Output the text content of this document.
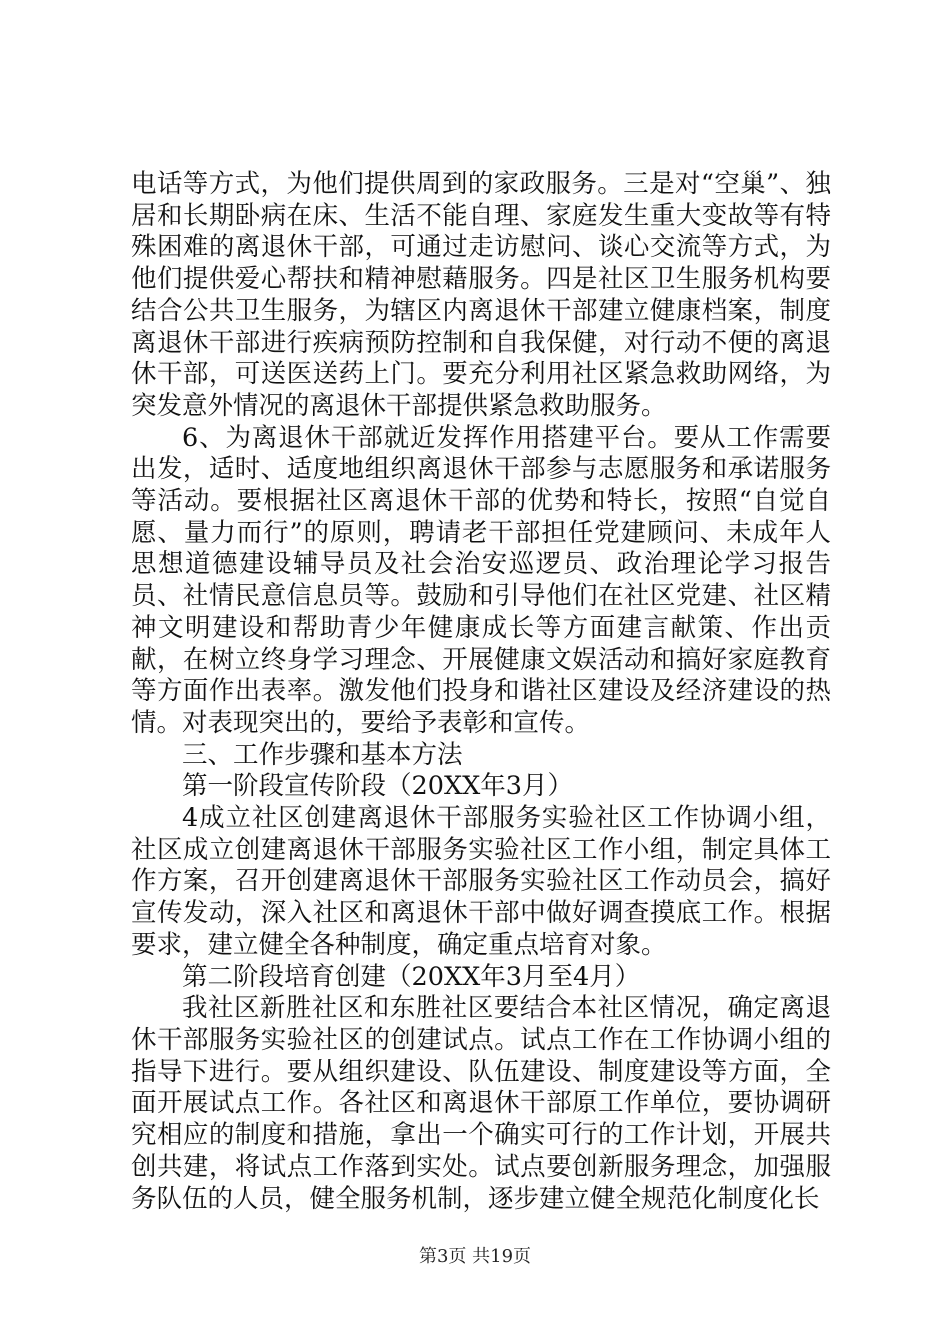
电话等方式，为他们提供周到的家政服务。三是对“空巢”、独居和长期卧病在床、生活不能自理、家庭发生重大变故等有特殊困难的离退休干部，可通过走访慰问、谈心交流等方式，为他们提供爱心帮扶和精神慰藉服务。四是社区卫生服务机构要结合公共卫生服务，为辖区内离退休干部建立健康档案，制度离退休干部进行疾病预防控制和自我保健，对行动不便的离退休干部，可送医送药上门。要充分利用社区紧急救助网络，为突发意外情况的离退休干部提供紧急救助服务。

6、为离退休干部就近发挥作用搭建平台。要从工作需要出发，适时、适度地组织离退休干部参与志愿服务和承诺服务等活动。要根据社区离退休干部的优势和特长，按照“自觉自愿、量力而行”的原则，聘请老干部担任党建顾问、未成年人思想道德建设辅导员及社会治安巡逻员、政治理论学习报告员、社情民意信息员等。鼓励和引导他们在社区党建、社区精神文明建设和帮助青少年健康成长等方面建言献策、作出贡献，在树立终身学习理念、开展健康文娱活动和搞好家庭教育等方面作出表率。激发他们投身和谐社区建设及经济建设的热情。对表现突出的，要给予表彰和宣传。

三、工作步骤和基本方法

第一阶段宣传阶段（20XX年3月）

4成立社区创建离退休干部服务实验社区工作协调小组，社区成立创建离退休干部服务实验社区工作小组，制定具体工作方案，召开创建离退休干部服务实验社区工作动员会，搞好宣传发动，深入社区和离退休干部中做好调查摸底工作。根据要求，建立健全各种制度，确定重点培育对象。

第二阶段培育创建（20XX年3月至4月）

我社区新胜社区和东胜社区要结合本社区情况，确定离退休干部服务实验社区的创建试点。试点工作在工作协调小组的指导下进行。要从组织建设、队伍建设、制度建设等方面，全面开展试点工作。各社区和离退休干部原工作单位，要协调研究相应的制度和措施，拿出一个确实可行的工作计划，开展共创共建，将试点工作落到实处。试点要创新服务理念，加强服务队伍的人员，健全服务机制，逐步建立健全规范化制度化长

第3页 共19页
